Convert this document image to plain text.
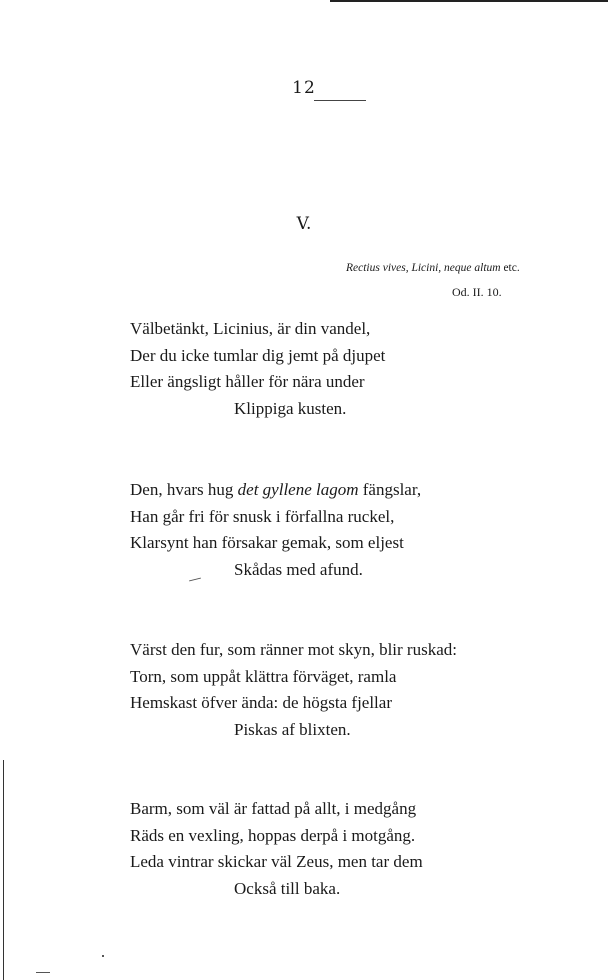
12
V.
Rectius vives, Licini, neque altum etc.
Od. II. 10.
Välbetänkt, Licinius, är din vandel,
Der du icke tumlar dig jemt på djupet
Eller ängsligt håller för nära under
Klippiga kusten.
Den, hvars hug det gyllene lagom fängslar,
Han går fri för snusk i förfallna ruckel,
Klarsynt han försakar gemak, som eljest
Skådas med afund.
Värst den fur, som ränner mot skyn, blir ruskad:
Torn, som uppåt klättra förväget, ramla
Hemskast öfver ända: de högsta fjellar
Piskas af blixten.
Barm, som väl är fattad på allt, i medgång
Räds en vexling, hoppas derpå i motgång.
Leda vintrar skickar väl Zeus, men tar dem
Också till baka.
